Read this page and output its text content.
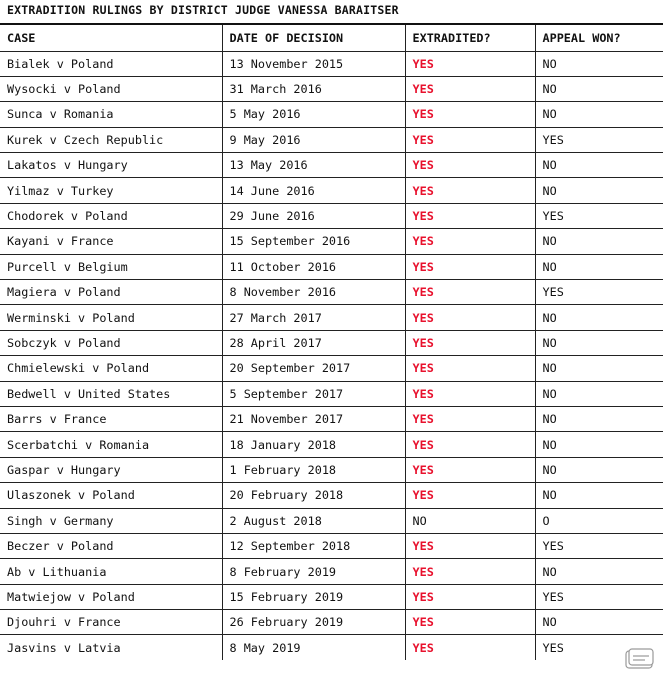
EXTRADITION RULINGS BY DISTRICT JUDGE VANESSA BARAITSER
CASE	DATE OF DECISION	EXTRADITED?	APPEAL WON?
Bialek v Poland	13 November 2015	YES	NO
Wysocki v Poland	31 March 2016	YES	NO
Sunca v Romania	5 May 2016	YES	NO
Kurek v Czech Republic	9 May 2016	YES	YES
Lakatos v Hungary	13 May 2016	YES	NO
Yilmaz v Turkey	14 June 2016	YES	NO
Chodorek v Poland	29 June 2016	YES	YES
Kayani v France	15 September 2016	YES	NO
Purcell v Belgium	11 October 2016	YES	NO
Magiera v Poland	8 November 2016	YES	YES
Werminski v Poland	27 March 2017	YES	NO
Sobczyk v Poland	28 April 2017	YES	NO
Chmielewski v Poland	20 September 2017	YES	NO
Bedwell v United States	5 September 2017	YES	NO
Barrs v France	21 November 2017	YES	NO
Scerbatchi v Romania	18 January 2018	YES	NO
Gaspar v Hungary	1 February 2018	YES	NO
Ulaszonek v Poland	20 February 2018	YES	NO
Singh v Germany	2 August 2018	NO	O
Beczer v Poland	12 September 2018	YES	YES
Ab v Lithuania	8 February 2019	YES	NO
Matwiejow v Poland	15 February 2019	YES	YES
Djouhri v France	26 February 2019	YES	NO
Jasvins v Latvia	8 May 2019	YES	YES
